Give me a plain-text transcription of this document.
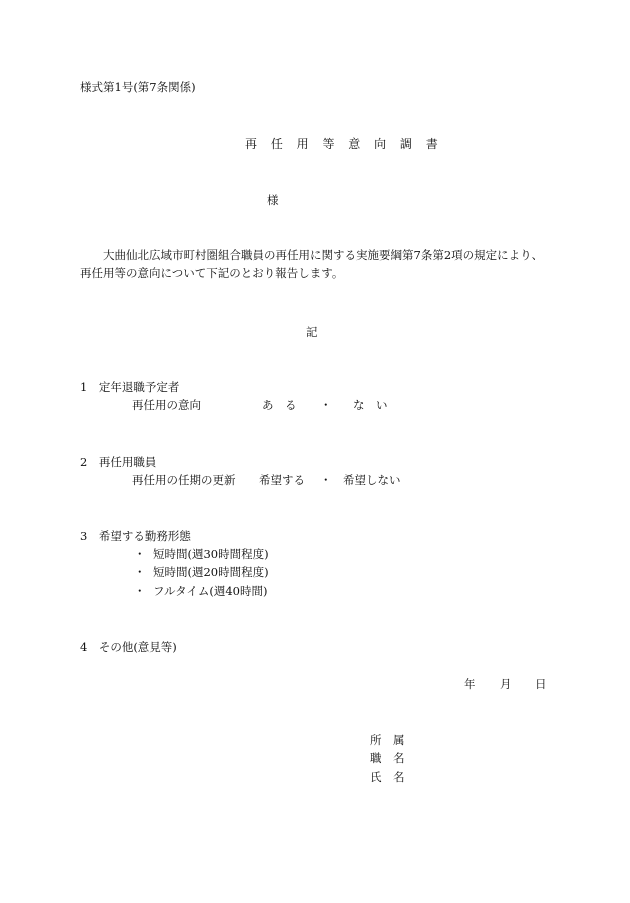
様式第1号(第7条関係)
再 任 用 等 意 向 調 書
様
大曲仙北広域市町村圏組合職員の再任用に関する実施要綱第7条第2項の規定により、
再任用等の意向について下記のとおり報告します。
記
1　定年退職予定者
再任用の意向	あ　る ・ な　い
2　再任用職員
再任用の任期の更新 希望する ・ 希望しない
3　希望する勤務形態
・ 短時間(週30時間程度)
・ 短時間(週20時間程度)
・ フルタイム(週40時間)
4　その他(意見等)
年 月 日
所　属
職　名
氏　名
